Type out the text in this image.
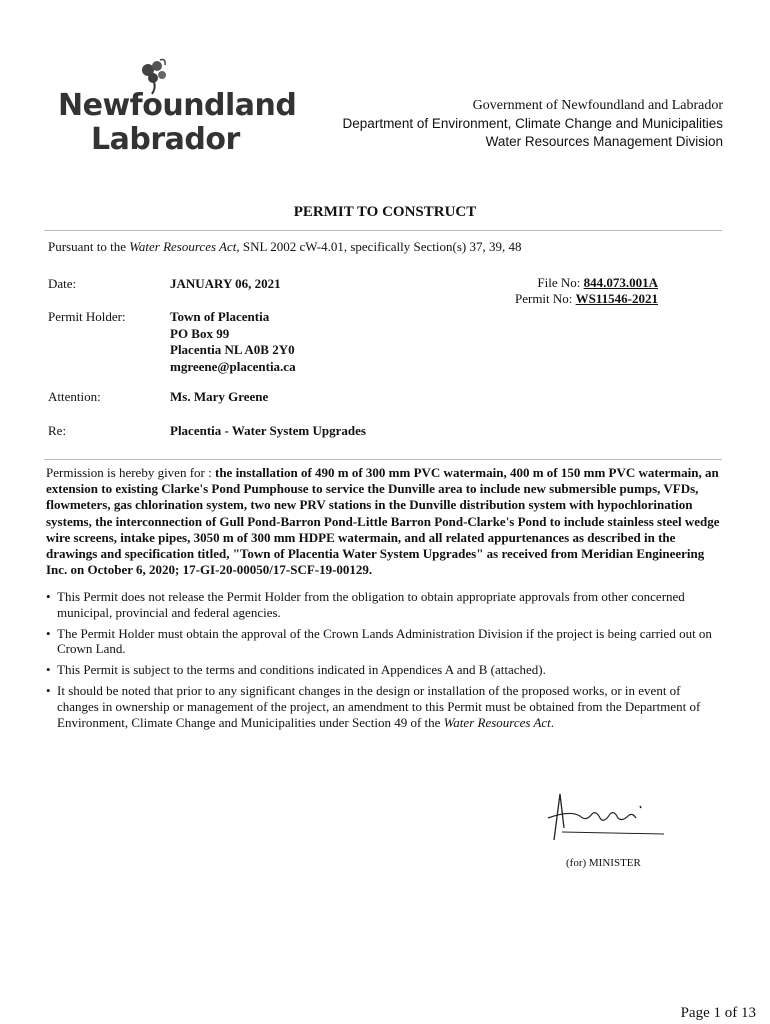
Newfoundland
Labrador
Government of Newfoundland and Labrador
Department of Environment, Climate Change and Municipalities
Water Resources Management Division
PERMIT TO CONSTRUCT
Pursuant to the Water Resources Act, SNL 2002 cW-4.01, specifically Section(s) 37, 39, 48
Date:	JANUARY 06, 2021	File No: 844.073.001A
Permit No: WS11546-2021
Permit Holder:	Town of Placentia
PO Box 99
Placentia NL A0B 2Y0
mgreene@placentia.ca
Attention:	Ms. Mary Greene
Re:	Placentia - Water System Upgrades
Permission is hereby given for : the installation of 490 m of 300 mm PVC watermain, 400 m of 150 mm PVC watermain, an extension to existing Clarke's Pond Pumphouse to service the Dunville area to include new submersible pumps, VFDs, flowmeters, gas chlorination system, two new PRV stations in the Dunville distribution system with hypochlorination systems, the interconnection of Gull Pond-Barron Pond-Little Barron Pond-Clarke's Pond to include stainless steel wedge wire screens, intake pipes, 3050 m of 300 mm HDPE watermain, and all related appurtenances as described in the drawings and specification titled, "Town of Placentia Water System Upgrades" as received from Meridian Engineering Inc. on October 6, 2020; 17-GI-20-00050/17-SCF-19-00129.
• This Permit does not release the Permit Holder from the obligation to obtain appropriate approvals from other concerned municipal, provincial and federal agencies.
• The Permit Holder must obtain the approval of the Crown Lands Administration Division if the project is being carried out on Crown Land.
• This Permit is subject to the terms and conditions indicated in Appendices A and B (attached).
• It should be noted that prior to any significant changes in the design or installation of the proposed works, or in event of changes in ownership or management of the project, an amendment to this Permit must be obtained from the Department of Environment, Climate Change and Municipalities under Section 49 of the Water Resources Act.
(for) MINISTER
Page 1 of 13
